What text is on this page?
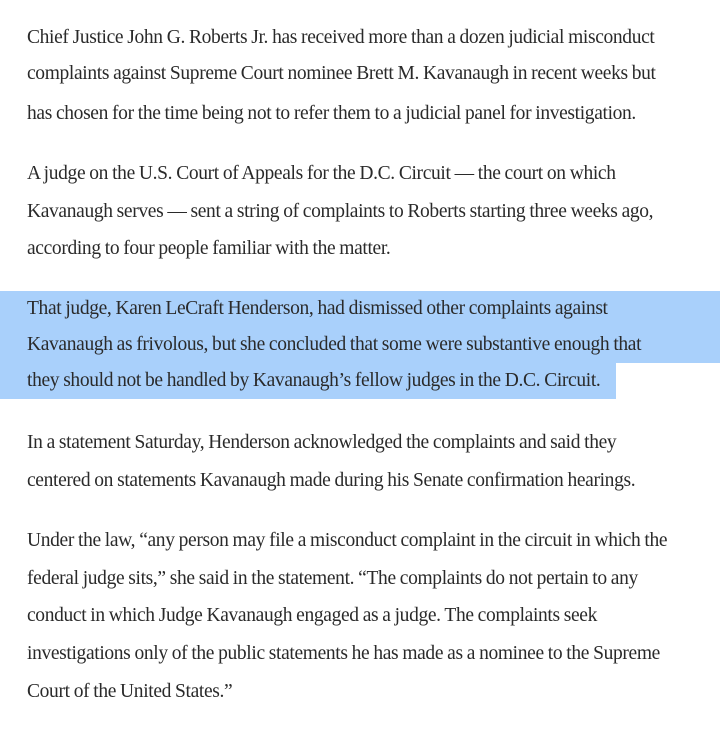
Chief Justice John G. Roberts Jr. has received more than a dozen judicial misconduct
complaints against Supreme Court nominee Brett M. Kavanaugh in recent weeks but
has chosen for the time being not to refer them to a judicial panel for investigation.
A judge on the U.S. Court of Appeals for the D.C. Circuit — the court on which
Kavanaugh serves — sent a string of complaints to Roberts starting three weeks ago,
according to four people familiar with the matter.
That judge, Karen LeCraft Henderson, had dismissed other complaints against
Kavanaugh as frivolous, but she concluded that some were substantive enough that
they should not be handled by Kavanaugh’s fellow judges in the D.C. Circuit.
In a statement Saturday, Henderson acknowledged the complaints and said they
centered on statements Kavanaugh made during his Senate confirmation hearings.
Under the law, “any person may file a misconduct complaint in the circuit in which the
federal judge sits,” she said in the statement. “The complaints do not pertain to any
conduct in which Judge Kavanaugh engaged as a judge. The complaints seek
investigations only of the public statements he has made as a nominee to the Supreme
Court of the United States.”
